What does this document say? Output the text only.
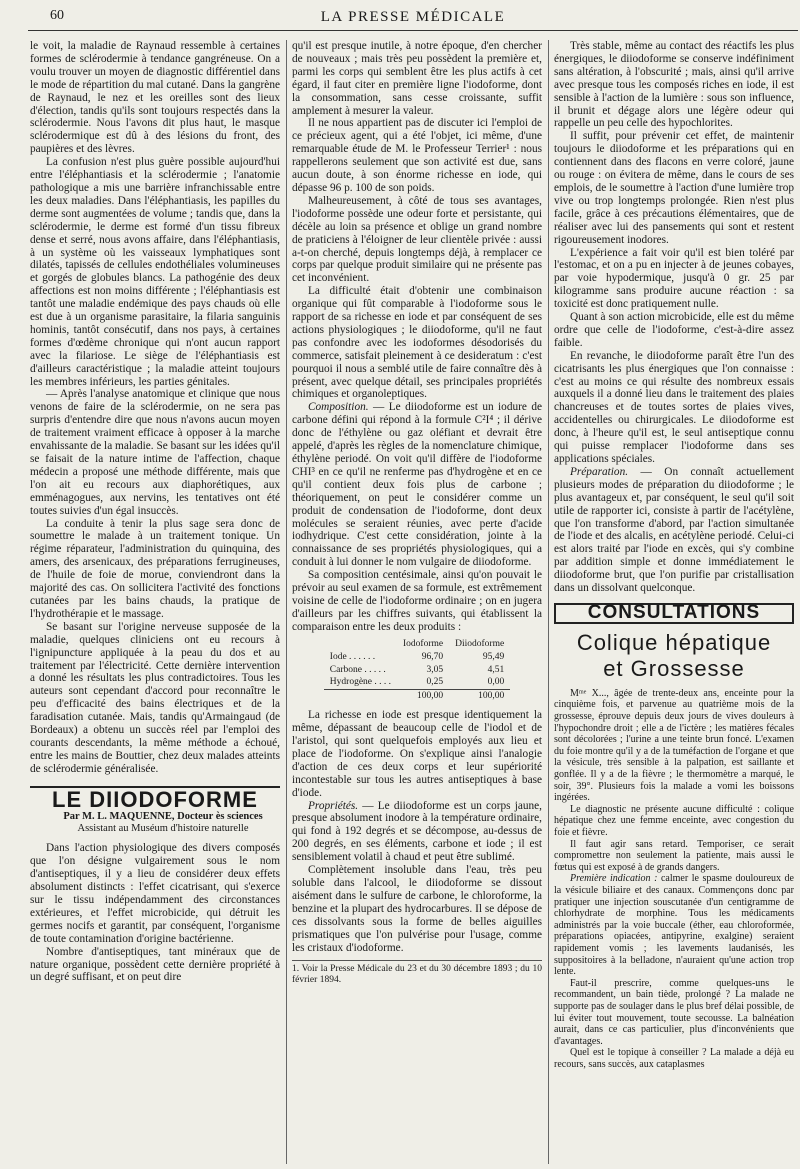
60	LA PRESSE MÉDICALE

le voit, la maladie de Raynaud ressemble à certaines formes de sclérodermie à tendance gangréneuse. On a voulu trouver un moyen de diagnostic différentiel dans le mode de répartition du mal cutané. Dans la gangrène de Raynaud, le nez et les oreilles sont des lieux d'élection, tandis qu'ils sont toujours respectés dans la sclérodermie. Nous l'avons dit plus haut, le masque sclérodermique est dû à des lésions du front, des paupières et des lèvres.

La confusion n'est plus guère possible aujourd'hui entre l'éléphantiasis et la sclérodermie ; l'anatomie pathologique a mis une barrière infranchissable entre les deux maladies. Dans l'éléphantiasis, les papilles du derme sont augmentées de volume ; tandis que, dans la sclérodermie, le derme est formé d'un tissu fibreux dense et serré, nous avons affaire, dans l'éléphantiasis, à un système où les vaisseaux lymphatiques sont dilatés, tapissés de cellules endothéliales volumineuses et gorgés de globules blancs. La pathogénie des deux affections est non moins différente ; l'éléphantiasis est tantôt une maladie endémique des pays chauds où elle est due à un organisme parasitaire, la filaria sanguinis hominis, tantôt consécutif, dans nos pays, à certaines formes d'œdème chronique qui n'ont aucun rapport avec la filariose. Le siège de l'éléphantiasis est d'ailleurs caractéristique ; la maladie atteint toujours les membres inférieurs, les parties génitales.

— Après l'analyse anatomique et clinique que nous venons de faire de la sclérodermie, on ne sera pas surpris d'entendre dire que nous n'avons aucun moyen de traitement vraiment efficace à opposer à la marche envahissante de la maladie. Se basant sur les idées qu'il se faisait de la nature intime de l'affection, chaque médecin a proposé une méthode différente, mais que l'on ait eu recours aux diaphorétiques, aux emménagogues, aux nervins, les tentatives ont été toutes suivies d'un égal insuccès.

La conduite à tenir la plus sage sera donc de soumettre le malade à un traitement tonique. Un régime réparateur, l'administration du quinquina, des amers, des arsenicaux, des préparations ferrugineuses, de l'huile de foie de morue, conviendront dans la majorité des cas. On sollicitera l'activité des fonctions cutanées par les bains chauds, la pratique de l'hydrothérapie et le massage.

Se basant sur l'origine nerveuse supposée de la maladie, quelques cliniciens ont eu recours à l'ignipuncture appliquée à la peau du dos et au traitement par l'électricité. Cette dernière intervention a donné les résultats les plus contradictoires. Tous les auteurs sont cependant d'accord pour reconnaître le peu d'efficacité des bains électriques et de la faradisation cutanée. Mais, tandis qu'Armaingaud (de Bordeaux) a obtenu un succès réel par l'emploi des courants descendants, la même méthode a échoué, entre les mains de Bouttier, chez deux malades atteints de sclérodermie généralisée.

LE DIIODOFORME

Par M. L. MAQUENNE, Docteur ès sciences

Assistant au Muséum d'histoire naturelle

Dans l'action physiologique des divers composés que l'on désigne vulgairement sous le nom d'antiseptiques, il y a lieu de considérer deux effets absolument distincts : l'effet cicatrisant, qui s'exerce sur le tissu indépendamment des circonstances extérieures, et l'effet microbicide, qui détruit les germes nocifs et garantit, par conséquent, l'organisme de toute contamination d'origine bactérienne.

Nombre d'antiseptiques, tant minéraux que de nature organique, possèdent cette dernière propriété à un degré suffisant, et on peut dire

qu'il est presque inutile, à notre époque, d'en chercher de nouveaux ; mais très peu possèdent la première et, parmi les corps qui semblent être les plus actifs à cet égard, il faut citer en première ligne l'iodoforme, dont la consommation, sans cesse croissante, suffit amplement à mesurer la valeur.

Il ne nous appartient pas de discuter ici l'emploi de ce précieux agent, qui a été l'objet, ici même, d'une remarquable étude de M. le Professeur Terrier¹ : nous rappellerons seulement que son activité est due, sans aucun doute, à son énorme richesse en iode, qui dépasse 96 p. 100 de son poids.

Malheureusement, à côté de tous ses avantages, l'iodoforme possède une odeur forte et persistante, qui décèle au loin sa présence et oblige un grand nombre de praticiens à l'éloigner de leur clientèle privée : aussi a-t-on cherché, depuis longtemps déjà, à remplacer ce corps par quelque produit similaire qui ne présente pas cet inconvénient.

La difficulté était d'obtenir une combinaison organique qui fût comparable à l'iodoforme sous le rapport de sa richesse en iode et par conséquent de ses actions physiologiques ; le diiodoforme, qu'il ne faut pas confondre avec les iodoformes désodorisés du commerce, satisfait pleinement à ce desideratum : c'est pourquoi il nous a semblé utile de faire connaître dès à présent, avec quelque détail, ses principales propriétés chimiques et organoleptiques.

Composition. — Le diiodoforme est un iodure de carbone défini qui répond à la formule C²I⁴ ; il dérive donc de l'éthylène ou gaz oléfiant et devrait être appelé, d'après les règles de la nomenclature chimique, éthylène periodé. On voit qu'il diffère de l'iodoforme CHI³ en ce qu'il ne renferme pas d'hydrogène et en ce qu'il contient deux fois plus de carbone ; théoriquement, on peut le considérer comme un produit de condensation de l'iodoforme, dont deux molécules se seraient réunies, avec perte d'acide iodhydrique. C'est cette considération, jointe à la connaissance de ses propriétés physiologiques, qui a conduit à lui donner le nom vulgaire de diiodoforme.

Sa composition centésimale, ainsi qu'on pouvait le prévoir au seul examen de sa formule, est extrêmement voisine de celle de l'iodoforme ordinaire ; on en jugera d'ailleurs par les chiffres suivants, qui établissent la comparaison entre les deux produits :

	Iodoforme	Diiodoforme
Iode . . . . . .	96,70	95,49
Carbone . . . . .	3,05	4,51
Hydrogène . . . .	0,25	0,00
	100,00	100,00

La richesse en iode est presque identiquement la même, dépassant de beaucoup celle de l'iodol et de l'aristol, qui sont quelquefois employés aux lieu et place de l'iodoforme. On s'explique ainsi l'analogie d'action de ces deux corps et leur supériorité incontestable sur tous les autres antiseptiques à base d'iode.

Propriétés. — Le diiodoforme est un corps jaune, presque absolument inodore à la température ordinaire, qui fond à 192 degrés et se décompose, au-dessus de 200 degrés, en ses éléments, carbone et iode ; il est sensiblement volatil à chaud et peut être sublimé.

Complètement insoluble dans l'eau, très peu soluble dans l'alcool, le diiodoforme se dissout aisément dans le sulfure de carbone, le chloroforme, la benzine et la plupart des hydrocarbures. Il se dépose de ces dissolvants sous la forme de belles aiguilles prismatiques que l'on pulvérise pour l'usage, comme les cristaux d'iodoforme.

1. Voir la Presse Médicale du 23 et du 30 décembre 1893 ; du 10 février 1894.

Très stable, même au contact des réactifs les plus énergiques, le diiodoforme se conserve indéfiniment sans altération, à l'obscurité ; mais, ainsi qu'il arrive avec presque tous les composés riches en iode, il est sensible à l'action de la lumière : sous son influence, il brunit et dégage alors une légère odeur qui rappelle un peu celle des hypochlorites.

Il suffit, pour prévenir cet effet, de maintenir toujours le diiodoforme et les préparations qui en contiennent dans des flacons en verre coloré, jaune ou rouge : on évitera de même, dans le cours de ses emplois, de le soumettre à l'action d'une lumière trop vive ou trop longtemps prolongée. Rien n'est plus facile, grâce à ces précautions élémentaires, que de réaliser avec lui des pansements qui sont et restent rigoureusement inodores.

L'expérience a fait voir qu'il est bien toléré par l'estomac, et on a pu en injecter à de jeunes cobayes, par voie hypodermique, jusqu'à 0 gr. 25 par kilogramme sans produire aucune réaction : sa toxicité est donc pratiquement nulle.

Quant à son action microbicide, elle est du même ordre que celle de l'iodoforme, c'est-à-dire assez faible.

En revanche, le diiodoforme paraît être l'un des cicatrisants les plus énergiques que l'on connaisse : c'est au moins ce qui résulte des nombreux essais auxquels il a donné lieu dans le traitement des plaies chancreuses et de toutes sortes de plaies vives, accidentelles ou chirurgicales. Le diiodoforme est donc, à l'heure qu'il est, le seul antiseptique connu qui puisse remplacer l'iodoforme dans ses applications spéciales.

Préparation. — On connaît actuellement plusieurs modes de préparation du diiodoforme ; le plus avantageux et, par conséquent, le seul qu'il soit utile de rapporter ici, consiste à partir de l'acétylène, que l'on transforme d'abord, par l'action simultanée de l'iode et des alcalis, en acétylène periodé. Celui-ci est alors traité par l'iode en excès, qui s'y combine par addition simple et donne immédiatement le diiodoforme brut, que l'on purifie par cristallisation dans un dissolvant quelconque.

CONSULTATIONS
Colique hépatique
et Grossesse

Mᵐᵉ X..., âgée de trente-deux ans, enceinte pour la cinquième fois, et parvenue au quatrième mois de la grossesse, éprouve depuis deux jours de vives douleurs à l'hypochondre droit ; elle a de l'ictère ; les matières fécales sont décolorées ; l'urine a une teinte brun foncé. L'examen du foie montre qu'il y a de la tuméfaction de l'organe et que la vésicule, très sensible à la palpation, est saillante et gonflée. Il y a de la fièvre ; le thermomètre a marqué, le soir, 39°. Plusieurs fois la malade a vomi les boissons ingérées.

Le diagnostic ne présente aucune difficulté : colique hépatique chez une femme enceinte, avec congestion du foie et fièvre.

Il faut agir sans retard. Temporiser, ce serait compromettre non seulement la patiente, mais aussi le fœtus qui est exposé à de grands dangers.

Première indication : calmer le spasme douloureux de la vésicule biliaire et des canaux. Commençons donc par pratiquer une injection souscutanée d'un centigramme de chlorhydrate de morphine. Tous les médicaments administrés par la voie buccale (éther, eau chloroformée, préparations opiacées, antipyrine, exalgine) seraient rapidement vomis ; les lavements laudanisés, les suppositoires à la belladone, n'auraient qu'une action trop lente.

Faut-il prescrire, comme quelques-uns le recommandent, un bain tiède, prolongé ? La malade ne supporte pas de soulager dans le plus bref délai possible, de lui éviter tout mouvement, toute secousse. La balnéation aurait, dans ce cas particulier, plus d'inconvénients que d'avantages.

Quel est le topique à conseiller ? La malade a déjà eu recours, sans succès, aux cataplasmes
